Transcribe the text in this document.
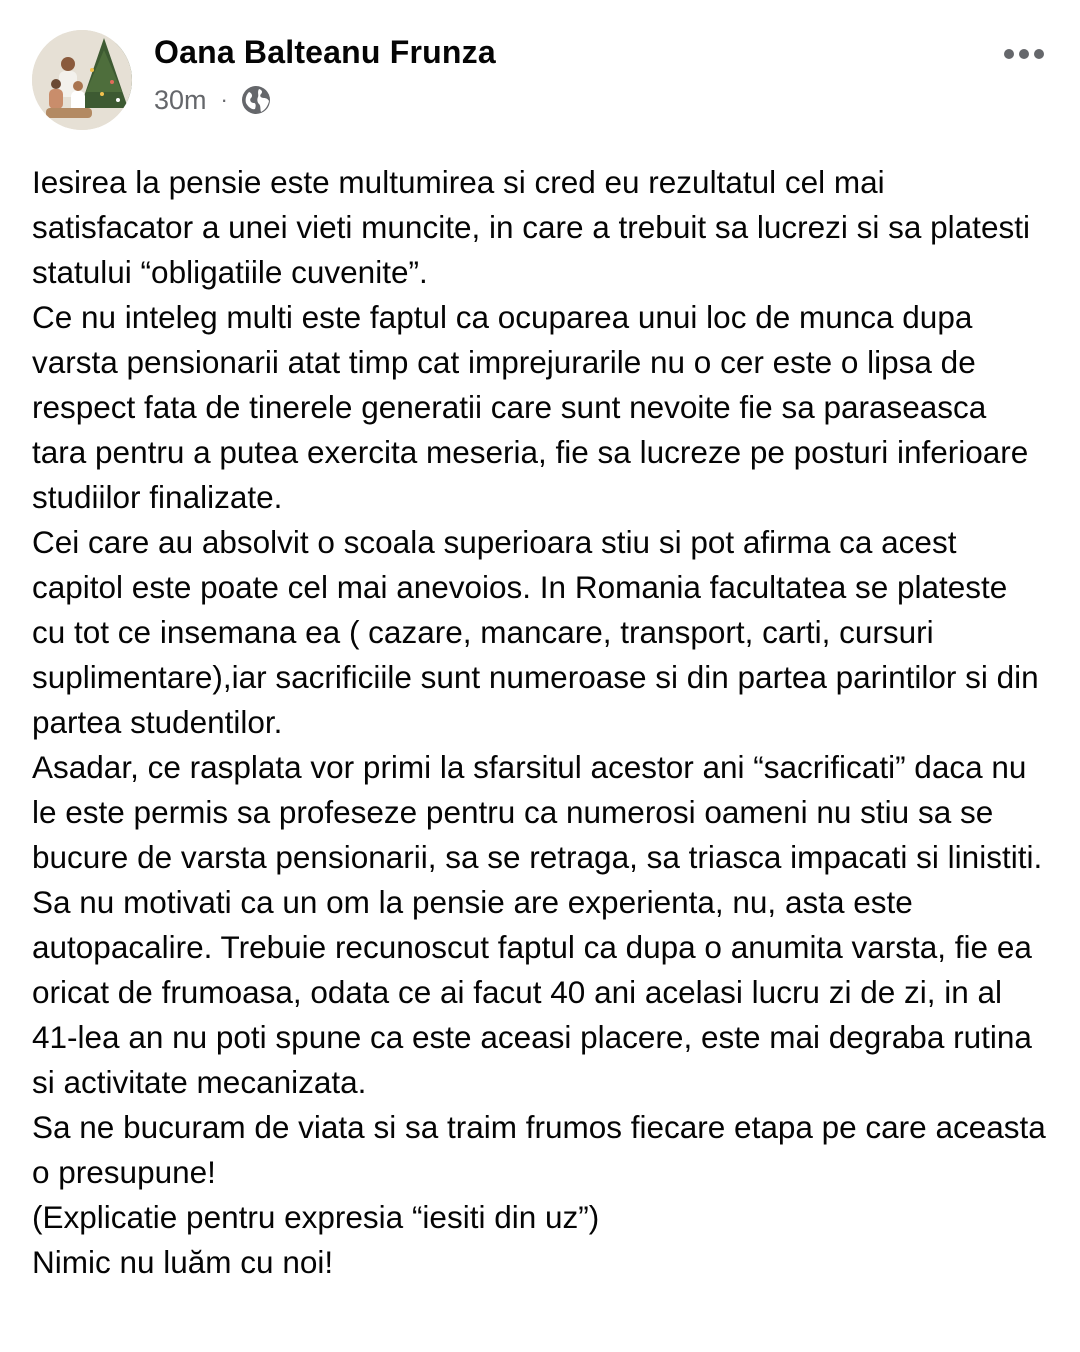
Oana Balteanu Frunza
30m ·

Iesirea la pensie este multumirea si cred eu rezultatul cel mai satisfacator a unei vieti muncite, in care a trebuit sa lucrezi si sa platesti statului “obligatiile cuvenite”.

Ce nu inteleg multi este faptul ca ocuparea unui loc de munca dupa varsta pensionarii atat timp cat imprejurarile nu o cer este o lipsa de respect fata de tinerele generatii care sunt nevoite fie sa paraseasca tara pentru a putea exercita meseria, fie sa lucreze pe posturi inferioare studiilor finalizate.

Cei care au absolvit o scoala superioara stiu si pot afirma ca acest capitol este poate cel mai anevoios. In Romania facultatea se plateste cu tot ce insemana ea ( cazare, mancare, transport, carti, cursuri suplimentare),iar sacrificiile sunt numeroase si din partea parintilor si din partea studentilor.

Asadar, ce rasplata vor primi la sfarsitul acestor ani “sacrificati” daca nu le este permis sa profeseze pentru ca numerosi oameni nu stiu sa se bucure de varsta pensionarii, sa se retraga, sa triasca impacati si linistiti.

Sa nu motivati ca un om la pensie are experienta, nu, asta este autopacalire. Trebuie recunoscut faptul ca dupa o anumita varsta, fie ea oricat de frumoasa, odata ce ai facut 40 ani acelasi lucru zi de zi, in al 41-lea an nu poti spune ca este aceasi placere, este mai degraba rutina si activitate mecanizata.

Sa ne bucuram de viata si sa traim frumos fiecare etapa pe care aceasta o presupune!

(Explicatie pentru expresia “iesiti din uz”)

Nimic nu luăm cu noi!
